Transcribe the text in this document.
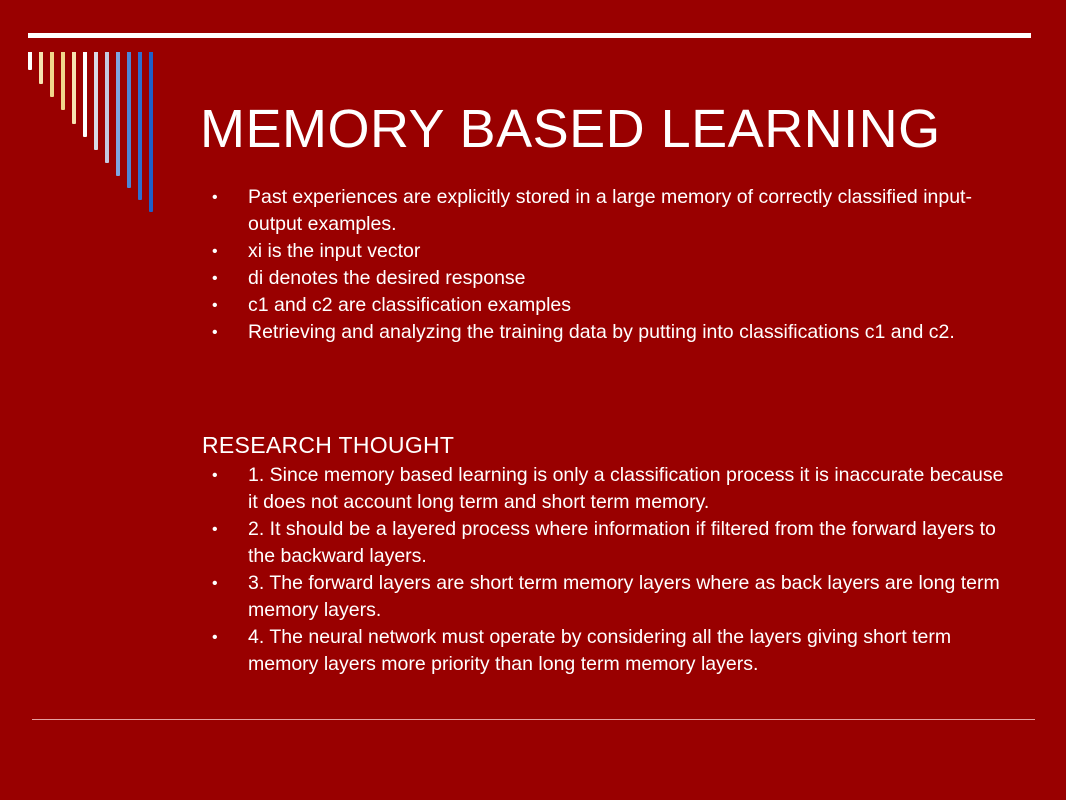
MEMORY BASED LEARNING
•	Past experiences are explicitly stored in a large memory of correctly classified input-output examples.
•	xi is the input vector
•	di denotes the desired response
•	c1 and c2 are classification examples
•	Retrieving and analyzing the training data by putting into classifications c1 and c2.
RESEARCH THOUGHT
•	1. Since memory based learning is only a classification process it is inaccurate because it does not account long term and short term memory.
•	2. It should be a layered process where information if filtered from the forward layers to the backward layers.
•	3. The forward layers are short term memory layers where as back layers are long term memory layers.
•	4. The neural network must operate by considering all the layers giving short term memory layers more priority than long term memory layers.
